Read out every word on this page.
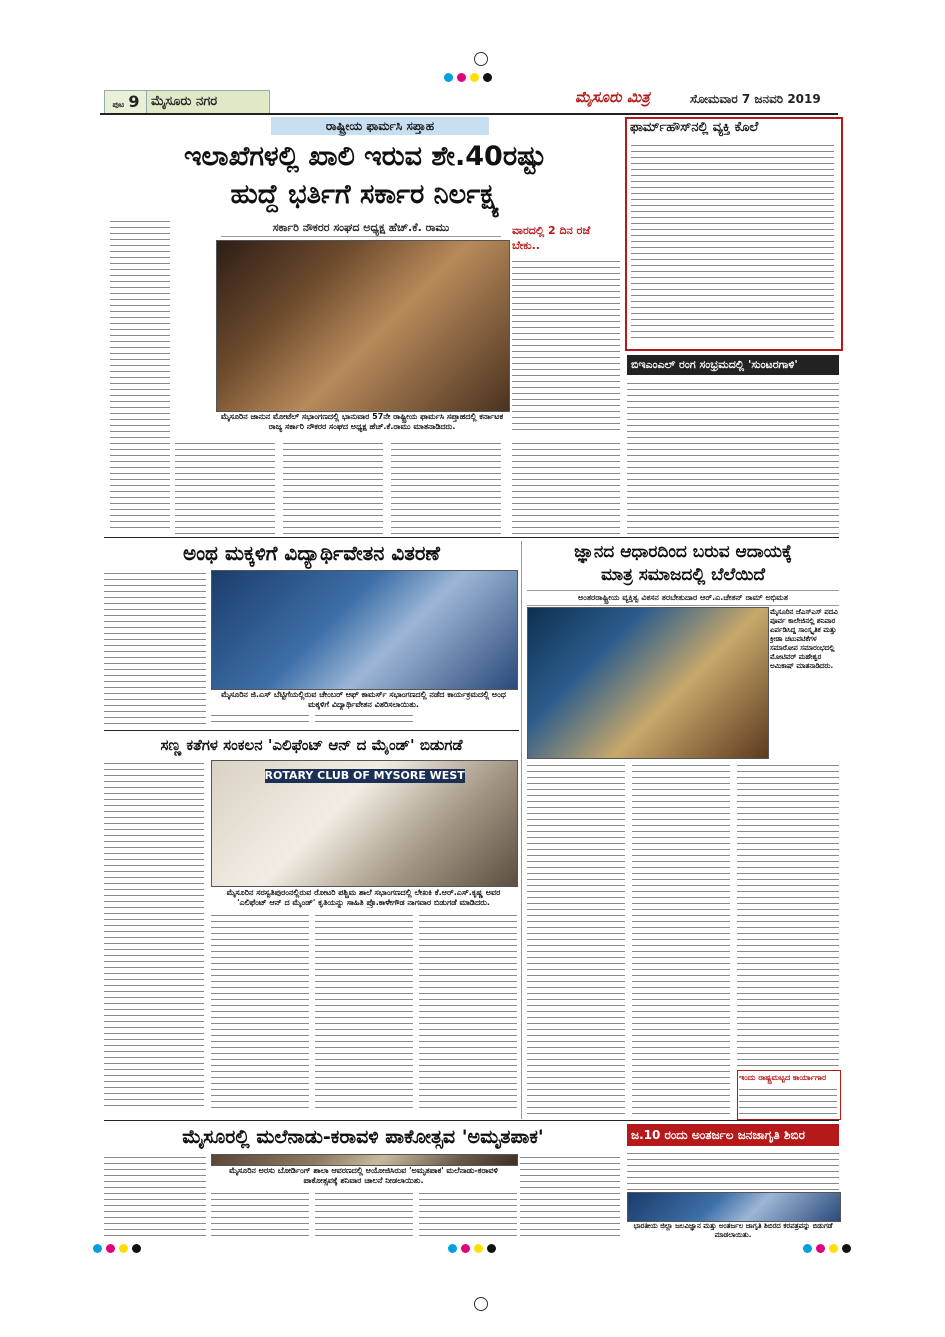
ಪುಟ 9 ಮೈಸೂರು ನಗರ	ಮೈಸೂರು ಮಿತ್ರ	ಸೋಮವಾರ 7 ಜನವರಿ 2019
ರಾಷ್ಟ್ರೀಯ ಫಾರ್ಮಸಿ ಸಪ್ತಾಹ
ಇಲಾಖೆಗಳಲ್ಲಿ ಖಾಲಿ ಇರುವ ಶೇ.40ರಷ್ಟು
ಹುದ್ದೆ ಭರ್ತಿಗೆ ಸರ್ಕಾರ ನಿರ್ಲಕ್ಷ್ಯ
ಸರ್ಕಾರಿ ನೌಕರರ ಸಂಘದ ಅಧ್ಯಕ್ಷ ಹೆಚ್.ಕೆ. ರಾಮು
ಮೈಸೂರಿನ ಜಾನುನ ಮೋಟೆಲ್ ಸಭಾಂಗಣದಲ್ಲಿ ಭಾನುವಾರ 57ನೇ ರಾಷ್ಟ್ರೀಯ ಫಾರ್ಮಸಿ ಸಪ್ತಾಹದಲ್ಲಿ ಕರ್ನಾಟಕ ರಾಜ್ಯ ಸರ್ಕಾರಿ ನೌಕರರ ಸಂಘದ ಅಧ್ಯಕ್ಷ ಹೆಚ್.ಕೆ.ರಾಮು ಮಾತನಾಡಿದರು.
ವಾರದಲ್ಲಿ 2 ದಿನ ರಜೆ ಬೇಕು..
ಫಾರ್ಮ್‌ಹೌಸ್‌ನಲ್ಲಿ ವ್ಯಕ್ತಿ ಕೊಲೆ
ಬಿಇಎಂಎಲ್ ರಂಗ ಸಂಭ್ರಮದಲ್ಲಿ 'ಸುಂಟರಗಾಳಿ'
ಜ್ಞಾನದ ಆಧಾರದಿಂದ ಬರುವ ಆದಾಯಕ್ಕೆ
ಮಾತ್ರ ಸಮಾಜದಲ್ಲಿ ಬೆಲೆಯಿದೆ
ಅಂತರರಾಷ್ಟ್ರೀಯ ವ್ಯಕ್ತಿತ್ವ ವಿಕಸನ ತರಬೇತುದಾರ ಆರ್.ಎ.ಚೇತನ್ ರಾಮ್ ಅಭಿಮತ
ಮೈಸೂರಿನ ಜೆಎಸ್ಎಸ್ ಪದವಿ ಪೂರ್ವ ಕಾಲೇಜಿನಲ್ಲಿ ಶನಿವಾರ ಏರ್ಪಡಿಸಿದ್ದ ಸಾಂಸ್ಕೃತಿಕ ಮತ್ತು ಕ್ರೀಡಾ ಚಟುವಟಿಕೆಗಳ ಸಮಾರೋಪ ಸಮಾರಂಭದಲ್ಲಿ ಮೋಟಿವರ್ ಮಹೇಶ್ವರ ಅಮಿಕಾಷ್ ಮಾತನಾಡಿದರು.
ಅಂಥ ಮಕ್ಕಳಿಗೆ ವಿದ್ಯಾರ್ಥಿವೇತನ ವಿತರಣೆ
ಮೈಸೂರಿನ ಜಿ.ಎಸ್ ಬೆಟ್ಟಿಗೆಯಲ್ಲಿರುವ ಚೇಂಬರ್ ಆಫ್ ಕಾಮರ್ಸ್ ಸಭಾಂಗಣದಲ್ಲಿ ನಡೆದ ಕಾರ್ಯಕ್ರಮದಲ್ಲಿ ಅಂಧ ಮಕ್ಕಳಿಗೆ ವಿದ್ಯಾರ್ಥಿವೇತನ ವಿತರಿಸಲಾಯಿತು.
ಸಣ್ಣ ಕತೆಗಳ ಸಂಕಲನ 'ಎಲಿಫೆಂಟ್ ಆನ್ ದ ಮೈಂಡ್' ಬಿಡುಗಡೆ
ROTARY CLUB OF MYSORE WEST
ಮೈಸೂರಿನ ಸರಸ್ವತಿಪುರಂನಲ್ಲಿರುವ ರೋಟರಿ ಪಶ್ಚಿಮ ಶಾಲೆ ಸಭಾಂಗಣದಲ್ಲಿ ಲೇಖಕಿ ಕೆ.ಆರ್.ಎಸ್.ಕೃಷ್ಣ ಅವರ 'ಎಲಿಫೆಂಟ್ ಆನ್ ದ ಮೈಂಡ್' ಕೃತಿಯನ್ನು ಸಾಹಿತಿ ಪ್ರೊ.ಕಾಳೇಗೌಡ ನಾಗವಾರ ಬಿಡುಗಡೆ ಮಾಡಿದರು.
ಇಂದು ರಾಷ್ಟ್ರಮಟ್ಟದ ಕಾರ್ಯಾಗಾರ
ಮೈಸೂರಲ್ಲಿ ಮಲೆನಾಡು-ಕರಾವಳಿ ಪಾಕೋತ್ಸವ 'ಅಮೃತಪಾಕ'
ಮೈಸೂರಿನ ಅರಸು ಬೋರ್ಡಿಂಗ್ ಶಾಲಾ ಆವರಣದಲ್ಲಿ ಆಯೋಜಿಸಿರುವ 'ಅಮೃತಪಾಕ' ಮಲೆನಾಡು-ಕರಾವಳಿ ಪಾಕೋತ್ಸವಕ್ಕೆ ಶನಿವಾರ ಚಾಲನೆ ನೀಡಲಾಯಿತು.
ಜ.10 ರಂದು ಅಂತರ್ಜಲ ಜನಜಾಗೃತಿ ಶಿಬಿರ
ಭಾರತೀಯ ಜಿಲ್ಲಾ ಜಲವಿಜ್ಞಾನ ಮತ್ತು ಅಂತರ್ಜಲ ಜಾಗೃತಿ ಶಿಬಿರದ ಕರಪತ್ರವನ್ನು ಬಿಡುಗಡೆ ಮಾಡಲಾಯಿತು.
